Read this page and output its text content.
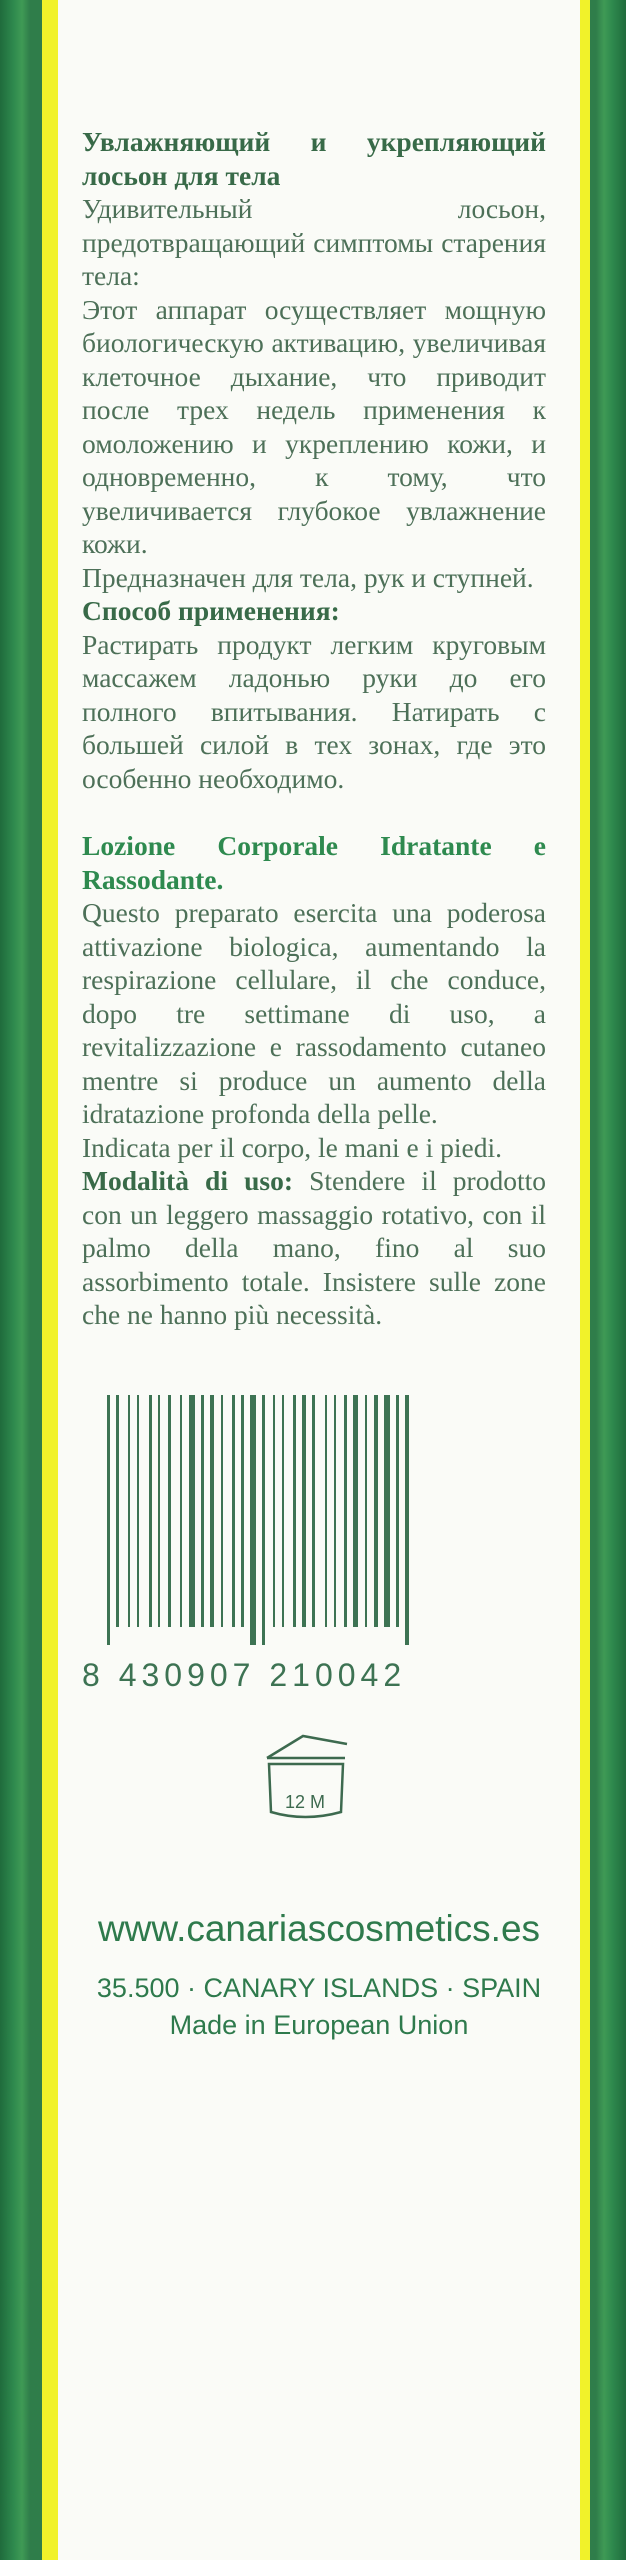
Увлажняющий и укрепляющий лосьон для тела

Удивительный лосьон, предотвращающий симптомы старения тела:

Этот аппарат осуществляет мощную биологическую активацию, увеличивая клеточное дыхание, что приводит после трех недель применения к омоложению и укреплению кожи, и одновременно, к тому, что увеличивается глубокое увлажнение кожи.

Предназначен для тела, рук и ступней.

Способ применения:

Растирать продукт легким круговым массажем ладонью руки до его полного впитывания. Натирать с большей силой в тех зонах, где это особенно необходимо.

Lozione Corporale Idratante e Rassodante.

Questo preparato esercita una poderosa attivazione biologica, aumentando la respirazione cellulare, il che conduce, dopo tre settimane di uso, a revitalizzazione e rassodamento cutaneo mentre si produce un aumento della idratazione profonda della pelle.

Indicata per il corpo, le mani e i piedi.

Modalità di uso: Stendere il prodotto con un leggero massaggio rotativo, con il palmo della mano, fino al suo assorbimento totale. Insistere sulle zone che ne hanno più necessità.

8 430907 210042
12 M
www.canariascosmetics.es
35.500 · CANARY ISLANDS · SPAIN
Made in European Union
